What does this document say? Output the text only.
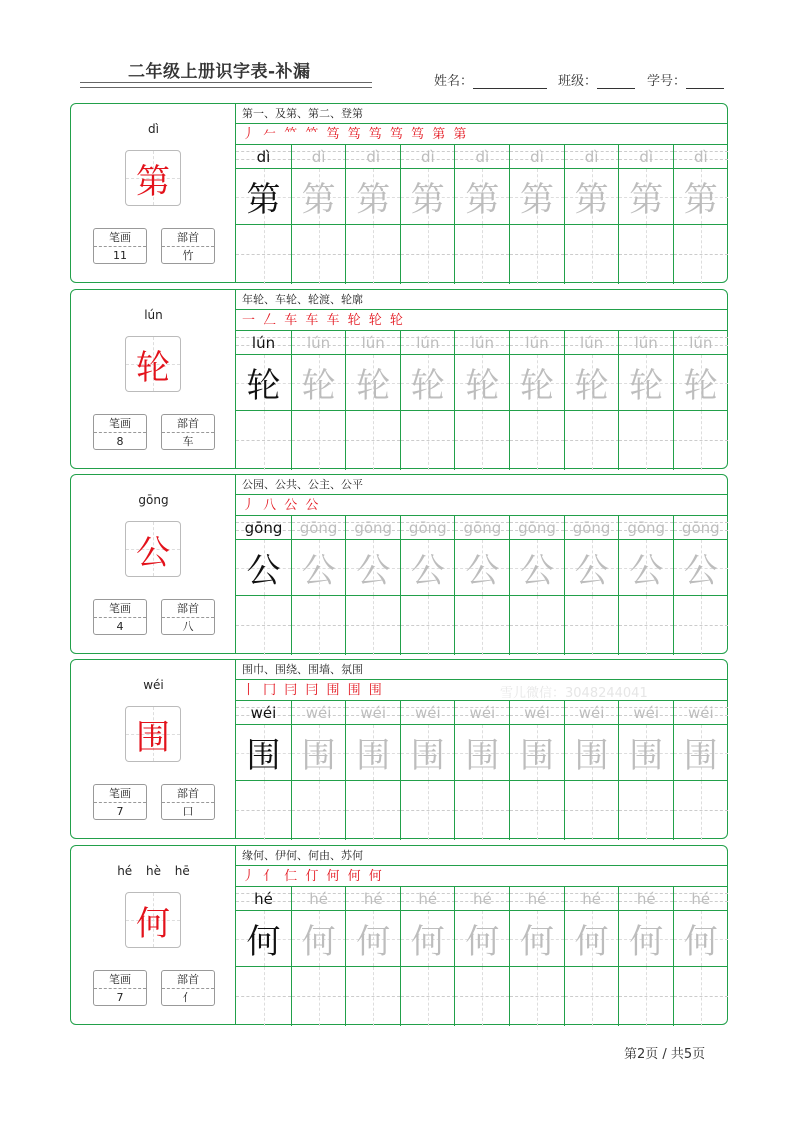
二年级上册识字表-补漏	姓名：	班级：	学号：
dì
第
笔画
11
部首
竹
第一、及第、第二、登第
丿 𠂉 𥫗 𥫗 笃 笃 笃 笃 笃 第 第
dì
第
dì
第
dì
第
dì
第
dì
第
dì
第
dì
第
dì
第
dì
第
lún
轮
笔画
8
部首
车
年轮、车轮、轮渡、轮廓
一 𠃋 车 车 车 轮 轮 轮
lún
轮
lún
轮
lún
轮
lún
轮
lún
轮
lún
轮
lún
轮
lún
轮
lún
轮
gōng
公
笔画
4
部首
八
公园、公共、公主、公平
丿 八 公 公
gōng
公
gōng
公
gōng
公
gōng
公
gōng
公
gōng
公
gōng
公
gōng
公
gōng
公
wéi
围
笔画
7
部首
口
围巾、围绕、围墙、氛围
丨 冂 冃 冃 围 围 围
wéi
围
wéi
围
wéi
围
wéi
围
wéi
围
wéi
围
wéi
围
wéi
围
wéi
围
hé hè hē
何
笔画
7
部首
亻
缘何、伊何、何由、苏何
丿 亻 仁 仃 何 何 何
hé
何
hé
何
hé
何
hé
何
hé
何
hé
何
hé
何
hé
何
hé
何
雪儿微信：3048244041
第2页 / 共5页
